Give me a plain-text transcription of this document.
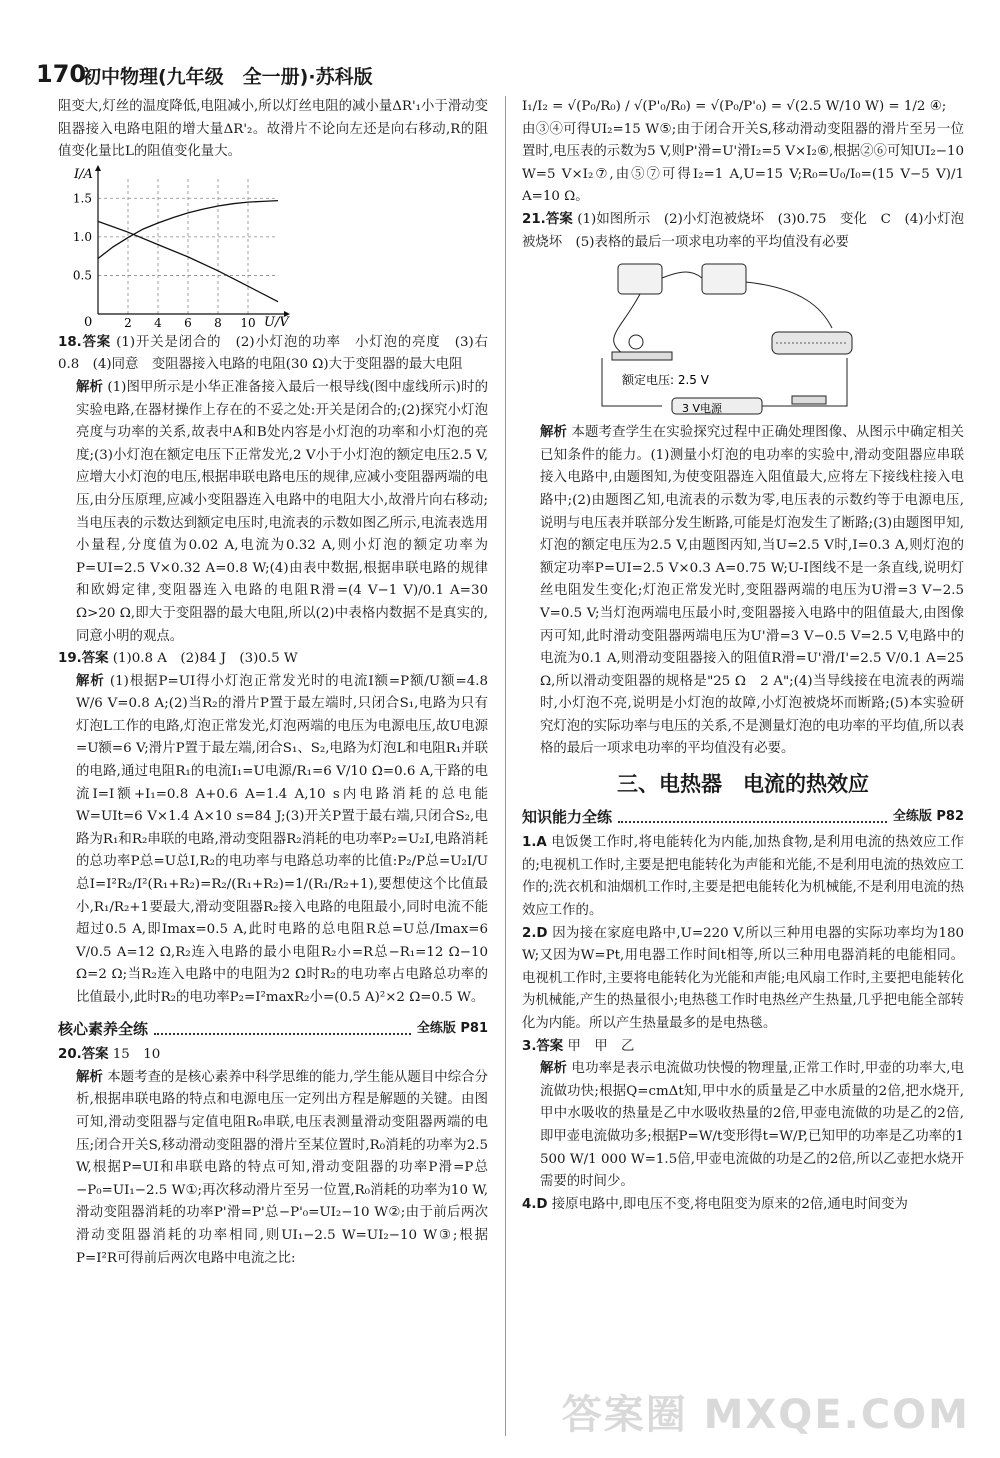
170
初中物理(九年级　全一册)·苏科版

阻变大,灯丝的温度降低,电阻减小,所以灯丝电阻的减小量ΔR'₁小于滑动变阻器接入电路电阻的增大量ΔR'₂。故滑片不论向左还是向右移动,R的阻值变化量比L的阻值变化量大。

2 4 6 8 10
0.5
1.0
1.5
I/A
U/V
0

18.答案 (1)开关是闭合的　(2)小灯泡的功率　小灯泡的亮度　(3)右　0.8　(4)同意　变阻器接入电路的电阻(30 Ω)大于变阻器的最大电阻

解析 (1)图甲所示是小华正准备接入最后一根导线(图中虚线所示)时的实验电路,在器材操作上存在的不妥之处:开关是闭合的;(2)探究小灯泡亮度与功率的关系,故表中A和B处内容是小灯泡的功率和小灯泡的亮度;(3)小灯泡在额定电压下正常发光,2 V小于小灯泡的额定电压2.5 V,应增大小灯泡的电压,根据串联电路电压的规律,应减小变阻器两端的电压,由分压原理,应减小变阻器连入电路中的电阻大小,故滑片向右移动;当电压表的示数达到额定电压时,电流表的示数如图乙所示,电流表选用小量程,分度值为0.02 A,电流为0.32 A,则小灯泡的额定功率为P=UI=2.5 V×0.32 A=0.8 W;(4)由表中数据,根据串联电路的规律和欧姆定律,变阻器连入电路的电阻R滑=(4 V−1 V)/0.1 A=30 Ω>20 Ω,即大于变阻器的最大电阻,所以(2)中表格内数据不是真实的,同意小明的观点。

19.答案 (1)0.8 A　(2)84 J　(3)0.5 W

解析 (1)根据P=UI得小灯泡正常发光时的电流I额=P额/U额=4.8 W/6 V=0.8 A;(2)当R₂的滑片P置于最左端时,只闭合S₁,电路为只有灯泡L工作的电路,灯泡正常发光,灯泡两端的电压为电源电压,故U电源=U额=6 V;滑片P置于最左端,闭合S₁、S₂,电路为灯泡L和电阻R₁并联的电路,通过电阻R₁的电流I₁=U电源/R₁=6 V/10 Ω=0.6 A,干路的电流I=I额+I₁=0.8 A+0.6 A=1.4 A,10 s内电路消耗的总电能W=UIt=6 V×1.4 A×10 s=84 J;(3)开关P置于最右端,只闭合S₂,电路为R₁和R₂串联的电路,滑动变阻器R₂消耗的电功率P₂=U₂I,电路消耗的总功率P总=U总I,R₂的电功率与电路总功率的比值:P₂/P总=U₂I/U总I=I²R₂/I²(R₁+R₂)=R₂/(R₁+R₂)=1/(R₁/R₂+1),要想使这个比值最小,R₁/R₂+1要最大,滑动变阻器R₂接入电路的电阻最小,同时电流不能超过0.5 A,即Imax=0.5 A,此时电路的总电阻R总=U总/Imax=6 V/0.5 A=12 Ω,R₂连入电路的最小电阻R₂小=R总−R₁=12 Ω−10 Ω=2 Ω;当R₂连入电路中的电阻为2 Ω时R₂的电功率占电路总功率的比值最小,此时R₂的电功率P₂=I²maxR₂小=(0.5 A)²×2 Ω=0.5 W。

核心素养全练	全练版 P81

20.答案 15　10

解析 本题考查的是核心素养中科学思维的能力,学生能从题目中综合分析,根据串联电路的特点和电源电压一定列出方程是解题的关键。由图可知,滑动变阻器与定值电阻R₀串联,电压表测量滑动变阻器两端的电压;闭合开关S,移动滑动变阻器的滑片至某位置时,R₀消耗的功率为2.5 W,根据P=UI和串联电路的特点可知,滑动变阻器的功率P滑=P总−P₀=UI₁−2.5 W①;再次移动滑片至另一位置,R₀消耗的功率为10 W,滑动变阻器消耗的功率P'滑=P'总−P'₀=UI₂−10 W②;由于前后两次滑动变阻器消耗的功率相同,则UI₁−2.5 W=UI₂−10 W③;根据P=I²R可得前后两次电路中电流之比:

I₁/I₂ = √(P₀/R₀) / √(P'₀/R₀) = √(P₀/P'₀) = √(2.5 W/10 W) = 1/2 ④;

由③④可得UI₂=15 W⑤;由于闭合开关S,移动滑动变阻器的滑片至另一位置时,电压表的示数为5 V,则P'滑=U'滑I₂=5 V×I₂⑥,根据②⑥可知UI₂−10 W=5 V×I₂⑦,由⑤⑦可得I₂=1 A,U=15 V;R₀=U₀/I₀=(15 V−5 V)/1 A=10 Ω。

21.答案 (1)如图所示　(2)小灯泡被烧坏　(3)0.75　变化　C　(4)小灯泡被烧坏　(5)表格的最后一项求电功率的平均值没有必要

额定电压: 2.5 V
3 V电源

解析 本题考查学生在实验探究过程中正确处理图像、从图示中确定相关已知条件的能力。(1)测量小灯泡的电功率的实验中,滑动变阻器应串联接入电路中,由题图知,为使变阻器连入阻值最大,应将左下接线柱接入电路中;(2)由题图乙知,电流表的示数为零,电压表的示数约等于电源电压,说明与电压表并联部分发生断路,可能是灯泡发生了断路;(3)由题图甲知,灯泡的额定电压为2.5 V,由题图丙知,当U=2.5 V时,I=0.3 A,则灯泡的额定功率P=UI=2.5 V×0.3 A=0.75 W;U-I图线不是一条直线,说明灯丝电阻发生变化;灯泡正常发光时,变阻器两端的电压为U滑=3 V−2.5 V=0.5 V;当灯泡两端电压最小时,变阻器接入电路中的阻值最大,由图像丙可知,此时滑动变阻器两端电压为U'滑=3 V−0.5 V=2.5 V,电路中的电流为0.1 A,则滑动变阻器接入的阻值R滑=U'滑/I'=2.5 V/0.1 A=25 Ω,所以滑动变阻器的规格是"25 Ω　2 A";(4)当导线接在电流表的两端时,小灯泡不亮,说明是小灯泡的故障,小灯泡被烧坏而断路;(5)本实验研究灯泡的实际功率与电压的关系,不是测量灯泡的电功率的平均值,所以表格的最后一项求电功率的平均值没有必要。

三、电热器　电流的热效应
知识能力全练	全练版 P82

1.A 电饭煲工作时,将电能转化为内能,加热食物,是利用电流的热效应工作的;电视机工作时,主要是把电能转化为声能和光能,不是利用电流的热效应工作的;洗衣机和油烟机工作时,主要是把电能转化为机械能,不是利用电流的热效应工作的。

2.D 因为接在家庭电路中,U=220 V,所以三种用电器的实际功率均为180 W;又因为W=Pt,用电器工作时间t相等,所以三种用电器消耗的电能相同。电视机工作时,主要将电能转化为光能和声能;电风扇工作时,主要把电能转化为机械能,产生的热量很小;电热毯工作时电热丝产生热量,几乎把电能全部转化为内能。所以产生热量最多的是电热毯。

3.答案 甲　甲　乙

解析 电功率是表示电流做功快慢的物理量,正常工作时,甲壶的功率大,电流做功快;根据Q=cmΔt知,甲中水的质量是乙中水质量的2倍,把水烧开,甲中水吸收的热量是乙中水吸收热量的2倍,甲壶电流做的功是乙的2倍,即甲壶电流做功多;根据P=W/t变形得t=W/P,已知甲的功率是乙功率的1 500 W/1 000 W=1.5倍,甲壶电流做的功是乙的2倍,所以乙壶把水烧开需要的时间少。

4.D 接原电路中,即电压不变,将电阻变为原来的2倍,通电时间变为

答案圈 MXQE.COM
